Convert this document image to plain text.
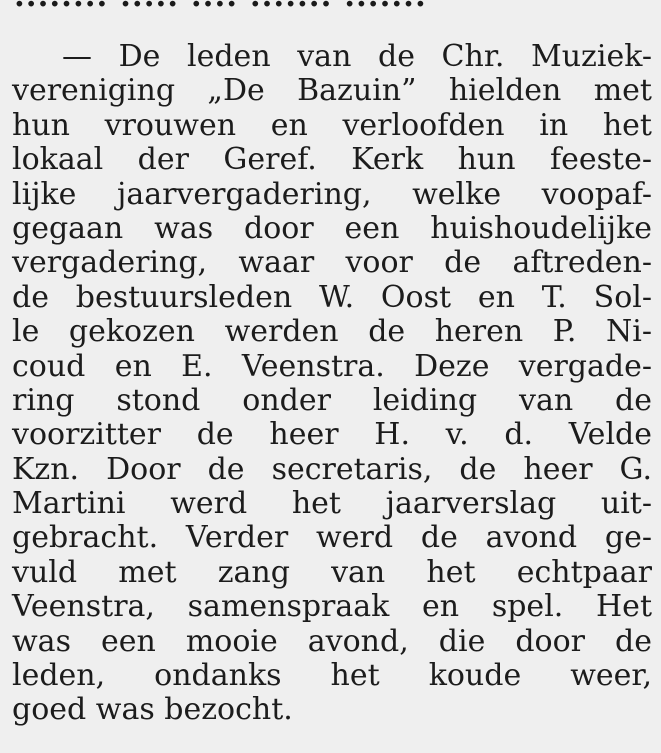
— De leden van de Chr. Muziek-
vereniging „De Bazuin” hielden met
hun vrouwen en verloofden in het
lokaal der Geref. Kerk hun feeste-
lijke jaarvergadering, welke voораf-
gegaan was door een huishoudelijke
vergadering, waar voor de aftreden-
de bestuursleden W. Oost en T. Sol-
le gekozen werden de heren P. Ni-
coud en E. Veenstra. Deze vergade-
ring stond onder leiding van de
voorzitter de heer H. v. d. Velde
Kzn. Door de secretaris, de heer G.
Martini werd het jaarverslag uit-
gebracht. Verder werd de avond ge-
vuld met zang van het echtpaar
Veenstra, samenspraak en spel. Het
was een mooie avond, die door de
leden, ondanks het koude weer,
goed was bezocht.
